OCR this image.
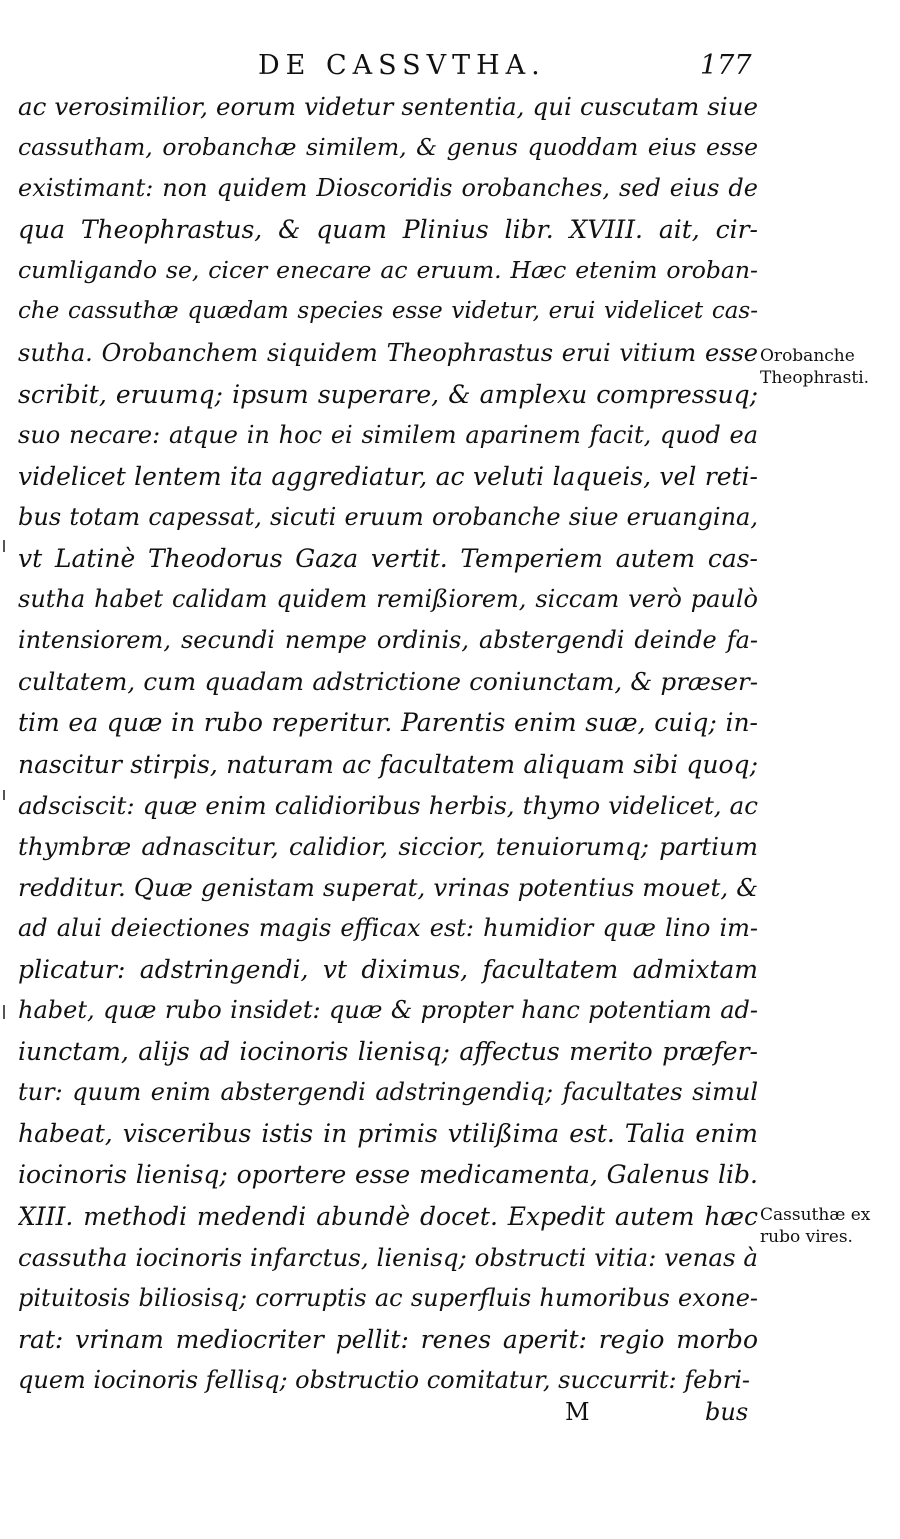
DE CASSVTHA.	177
ac verosimilior, eorum videtur sententia, qui cuscutam siue
cassutham, orobanchæ similem, & genus quoddam eius esse
existimant: non quidem Dioscoridis orobanches, sed eius de
qua Theophrastus, & quam Plinius libr. XVIII. ait, cir-
cumligando se, cicer enecare ac eruum. Hæc etenim oroban-
che cassuthæ quædam species esse videtur, erui videlicet cas-
sutha. Orobanchem siquidem Theophrastus erui vitium esse
scribit, eruumq; ipsum superare, & amplexu compressuq;
suo necare: atque in hoc ei similem aparinem facit, quod ea
videlicet lentem ita aggrediatur, ac veluti laqueis, vel reti-
bus totam capessat, sicuti eruum orobanche siue eruangina,
vt Latinè Theodorus Gaza vertit. Temperiem autem cas-
sutha habet calidam quidem remißiorem, siccam verò paulò
intensiorem, secundi nempe ordinis, abstergendi deinde fa-
cultatem, cum quadam adstrictione coniunctam, & præser-
tim ea quæ in rubo reperitur. Parentis enim suæ, cuiq; in-
nascitur stirpis, naturam ac facultatem aliquam sibi quoq;
adsciscit: quæ enim calidioribus herbis, thymo videlicet, ac
thymbræ adnascitur, calidior, siccior, tenuiorumq; partium
redditur. Quæ genistam superat, vrinas potentius mouet, &
ad alui deiectiones magis efficax est: humidior quæ lino im-
plicatur: adstringendi, vt diximus, facultatem admixtam
habet, quæ rubo insidet: quæ & propter hanc potentiam ad-
iunctam, alijs ad iocinoris lienisq; affectus merito præfer-
tur: quum enim abstergendi adstringendiq; facultates simul
habeat, visceribus istis in primis vtilißima est. Talia enim
iocinoris lienisq; oportere esse medicamenta, Galenus lib.
XIII. methodi medendi abundè docet. Expedit autem hæc
cassutha iocinoris infarctus, lienisq; obstructi vitia: venas à
pituitosis biliosisq; corruptis ac superfluis humoribus exone-
rat: vrinam mediocriter pellit: renes aperit: regio morbo
quem iocinoris fellisq; obstructio comitatur, succurrit: febri-
Orobanche Theophrasti.
Cassuthæ ex rubo vires.
M	bus
